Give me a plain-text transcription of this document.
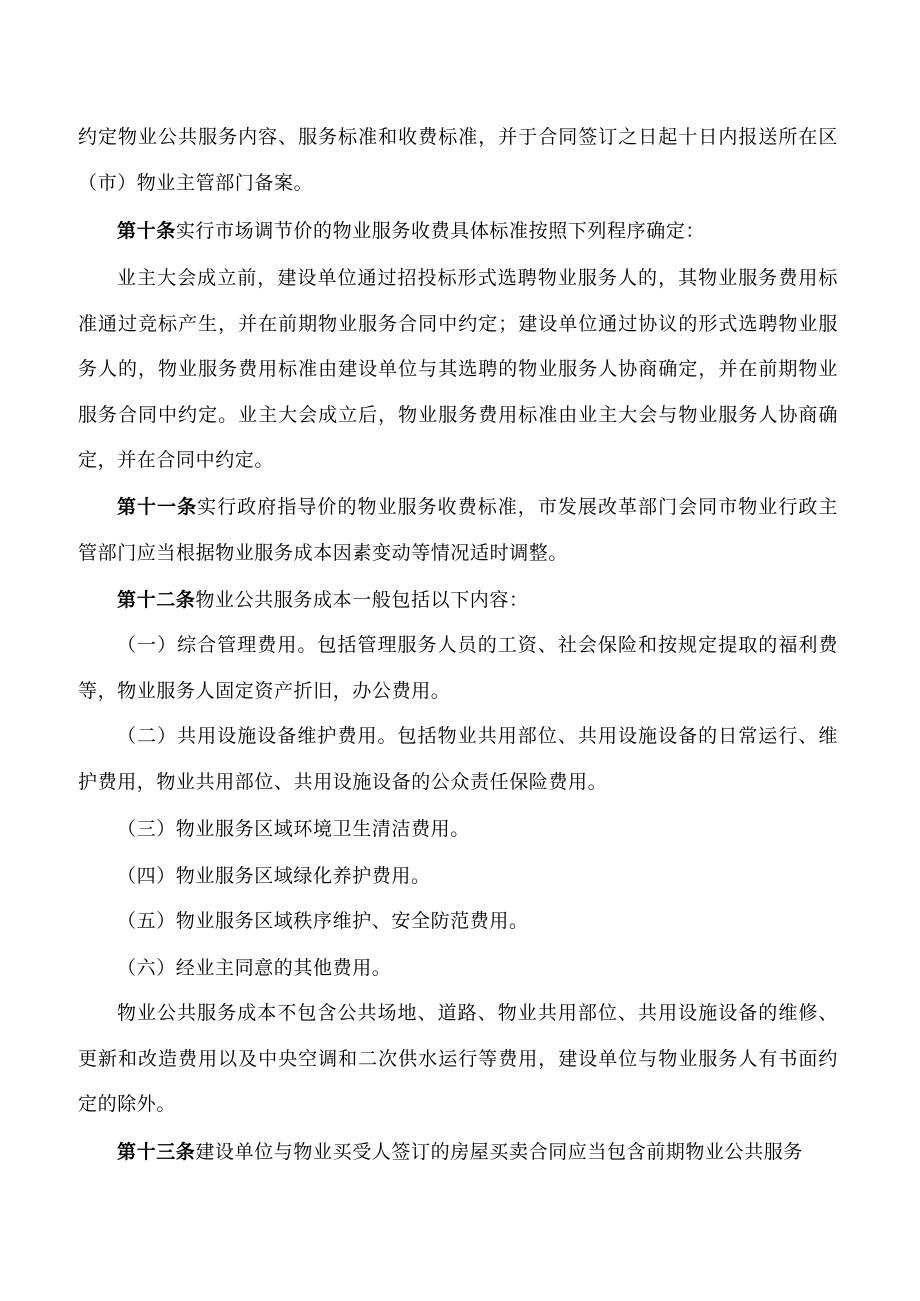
约定物业公共服务内容、服务标准和收费标准，并于合同签订之日起十日内报送所在区（市）物业主管部门备案。

第十条实行市场调节价的物业服务收费具体标准按照下列程序确定：

业主大会成立前，建设单位通过招投标形式选聘物业服务人的，其物业服务费用标准通过竞标产生，并在前期物业服务合同中约定；建设单位通过协议的形式选聘物业服务人的，物业服务费用标准由建设单位与其选聘的物业服务人协商确定，并在前期物业服务合同中约定。业主大会成立后，物业服务费用标准由业主大会与物业服务人协商确定，并在合同中约定。

第十一条实行政府指导价的物业服务收费标准，市发展改革部门会同市物业行政主管部门应当根据物业服务成本因素变动等情况适时调整。

第十二条物业公共服务成本一般包括以下内容：

（一）综合管理费用。包括管理服务人员的工资、社会保险和按规定提取的福利费等，物业服务人固定资产折旧，办公费用。

（二）共用设施设备维护费用。包括物业共用部位、共用设施设备的日常运行、维护费用，物业共用部位、共用设施设备的公众责任保险费用。

（三）物业服务区域环境卫生清洁费用。

（四）物业服务区域绿化养护费用。

（五）物业服务区域秩序维护、安全防范费用。

（六）经业主同意的其他费用。

物业公共服务成本不包含公共场地、道路、物业共用部位、共用设施设备的维修、更新和改造费用以及中央空调和二次供水运行等费用，建设单位与物业服务人有书面约定的除外。

第十三条建设单位与物业买受人签订的房屋买卖合同应当包含前期物业公共服务
